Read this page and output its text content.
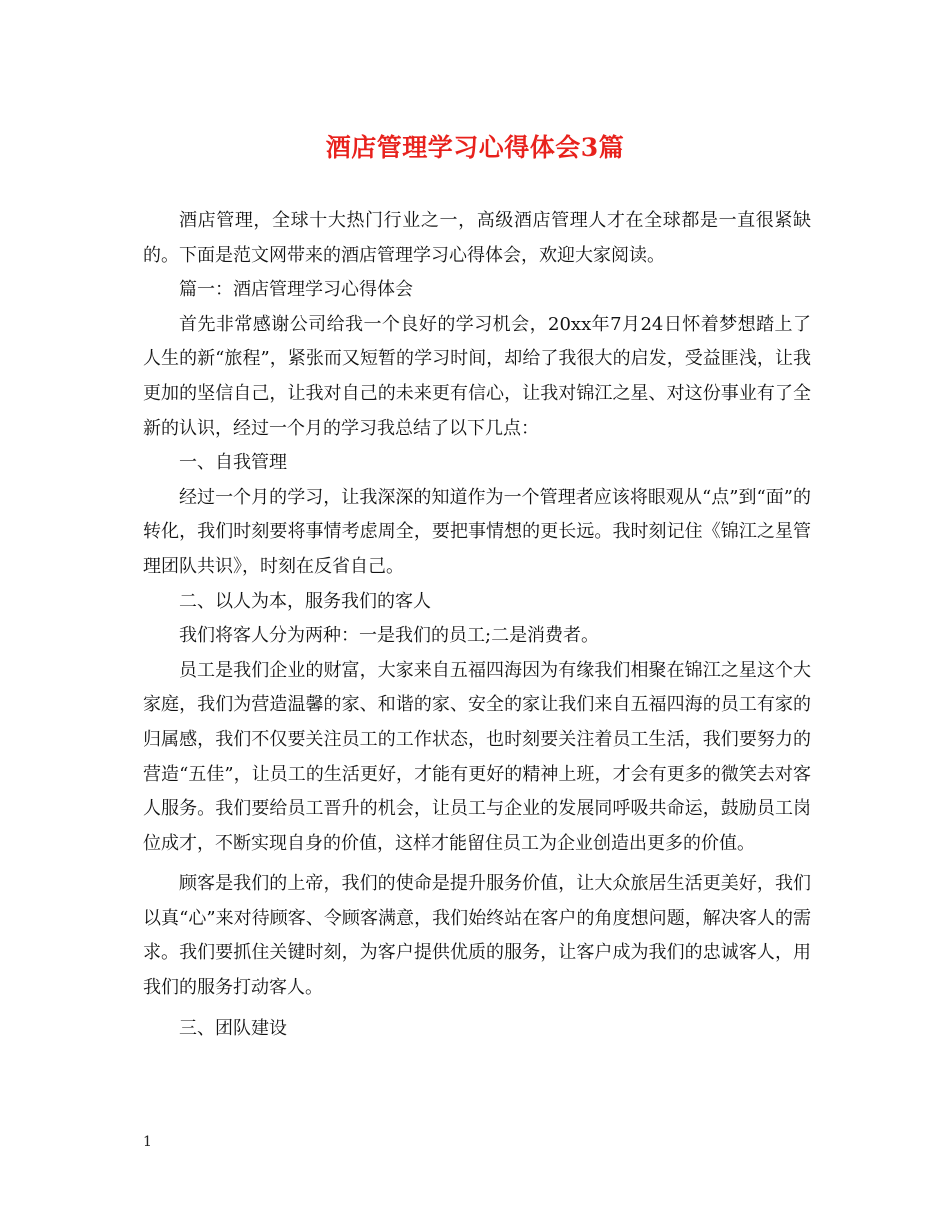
酒店管理学习心得体会3篇

酒店管理，全球十大热门行业之一，高级酒店管理人才在全球都是一直很紧缺的。下面是范文网带来的酒店管理学习心得体会，欢迎大家阅读。

篇一：酒店管理学习心得体会

首先非常感谢公司给我一个良好的学习机会，20xx年7月24日怀着梦想踏上了人生的新“旅程”，紧张而又短暂的学习时间，却给了我很大的启发，受益匪浅，让我更加的坚信自己，让我对自己的未来更有信心，让我对锦江之星、对这份事业有了全新的认识，经过一个月的学习我总结了以下几点：

一、自我管理

经过一个月的学习，让我深深的知道作为一个管理者应该将眼观从“点”到“面”的转化，我们时刻要将事情考虑周全，要把事情想的更长远。我时刻记住《锦江之星管理团队共识》，时刻在反省自己。

二、以人为本，服务我们的客人

我们将客人分为两种：一是我们的员工;二是消费者。

员工是我们企业的财富，大家来自五福四海因为有缘我们相聚在锦江之星这个大家庭，我们为营造温馨的家、和谐的家、安全的家让我们来自五福四海的员工有家的归属感，我们不仅要关注员工的工作状态，也时刻要关注着员工生活，我们要努力的营造“五佳”，让员工的生活更好，才能有更好的精神上班，才会有更多的微笑去对客人服务。我们要给员工晋升的机会，让员工与企业的发展同呼吸共命运，鼓励员工岗位成才，不断实现自身的价值，这样才能留住员工为企业创造出更多的价值。

顾客是我们的上帝，我们的使命是提升服务价值，让大众旅居生活更美好，我们以真“心”来对待顾客、令顾客满意，我们始终站在客户的角度想问题，解决客人的需求。我们要抓住关键时刻，为客户提供优质的服务，让客户成为我们的忠诚客人，用我们的服务打动客人。

三、团队建设

1
